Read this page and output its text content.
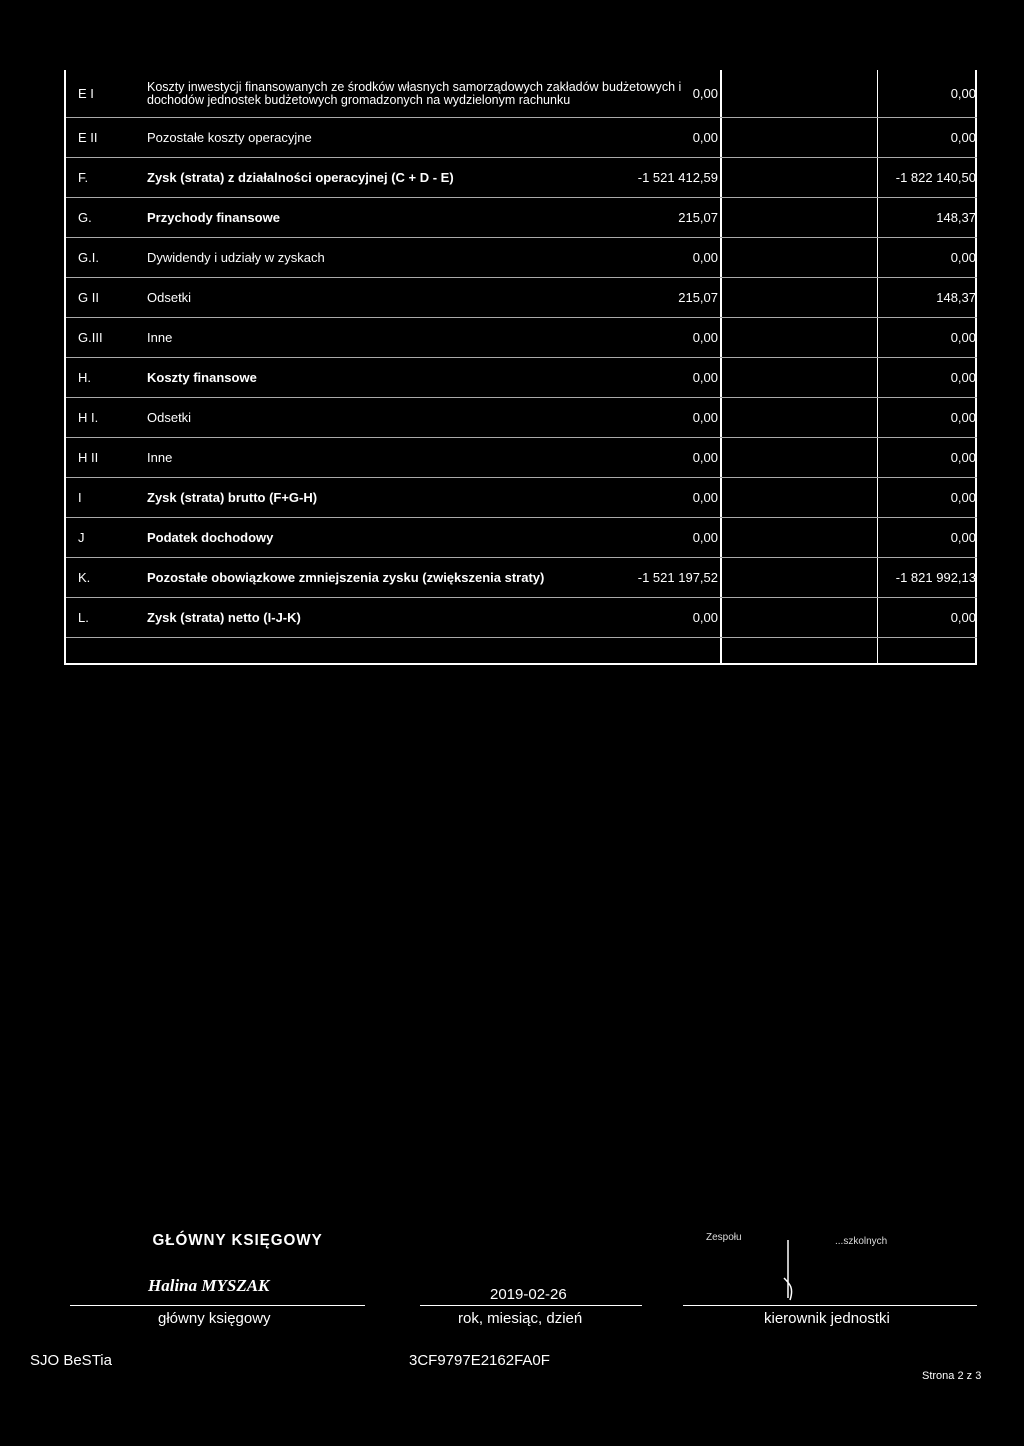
E I	Koszty inwestycji finansowanych ze środków własnych samorządowych zakładów budżetowych i dochodów jednostek budżetowych gromadzonych na wydzielonym rachunku	0,00	0,00
E II	Pozostałe koszty operacyjne	0,00	0,00
F.	Zysk (strata) z działalności operacyjnej (C + D - E)	-1 521 412,59	-1 822 140,50
G.	Przychody finansowe	215,07	148,37
G.I.	Dywidendy i udziały w zyskach	0,00	0,00
G II	Odsetki	215,07	148,37
G.III	Inne	0,00	0,00
H.	Koszty finansowe	0,00	0,00
H I.	Odsetki	0,00	0,00
H II	Inne	0,00	0,00
I	Zysk (strata) brutto (F+G-H)	0,00	0,00
J	Podatek dochodowy	0,00	0,00
K.	Pozostałe obowiązkowe zmniejszenia zysku (zwiększenia straty)	-1 521 197,52	-1 821 992,13
L.	Zysk (strata) netto (I-J-K)	0,00	0,00
GŁÓWNY KSIĘGOWY
Halina MYSZAK
główny księgowy
2019-02-26
rok, miesiąc, dzień
Zespołu	...szkolnych
kierownik jednostki
SJO BeSTia	3CF9797E2162FA0F
Strona 2 z 3
